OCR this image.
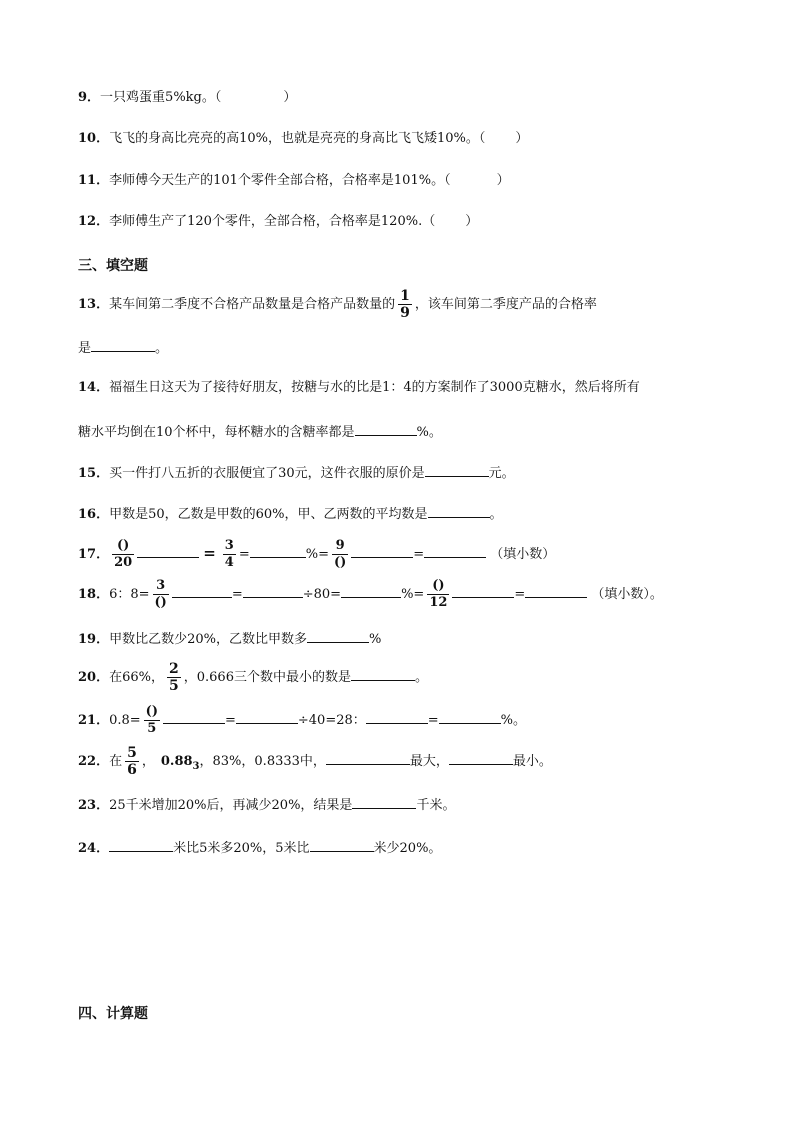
9．一只鸡蛋重5%kg。（	）
10．飞飞的身高比亮亮的高10%，也就是亮亮的身高比飞飞矮10%。（ ）
11．李师傅今天生产的101个零件全部合格，合格率是101%。（	）
12．李师傅生产了120个零件，全部合格，合格率是120%.（ ）
三、填空题
13．某车间第二季度不合格产品数量是合格产品数量的 $\frac{1}{9}$ ，该车间第二季度产品的合格率
是	。
14．福福生日这天为了接待好朋友，按糖与水的比是1：4的方案制作了3000克糖水，然后将所有
糖水平均倒在10个杯中，每杯糖水的含糖率都是	%。
15．买一件打八五折的衣服便宜了30元，这件衣服的原价是	元。
16．甲数是50，乙数是甲数的60%，甲、乙两数的平均数是	。
17． $\frac{()}{20}$	= $\frac{3}{4}$ =	%= $\frac{9}{()}$	=	（填小数）
18．6：$8= \frac{3}{()}$	=	÷80=	%= $\frac{()}{12}$	=	（填小数）。
19．甲数比乙数少20%，乙数比甲数多	%
20．在66%， $\frac{2}{5}$ ，0.666三个数中最小的数是	。
21．$0.8= \frac{()}{5}$	=	÷40=28：	=	%。
22．在 $\frac{5}{6}$ ， $0.88_3$，83%，0.8333中，	最大，	最小。
23．25千米增加20%后，再减少20%，结果是	千米。
24．	米比5米多20%，5米比	米少20%。
四、计算题
